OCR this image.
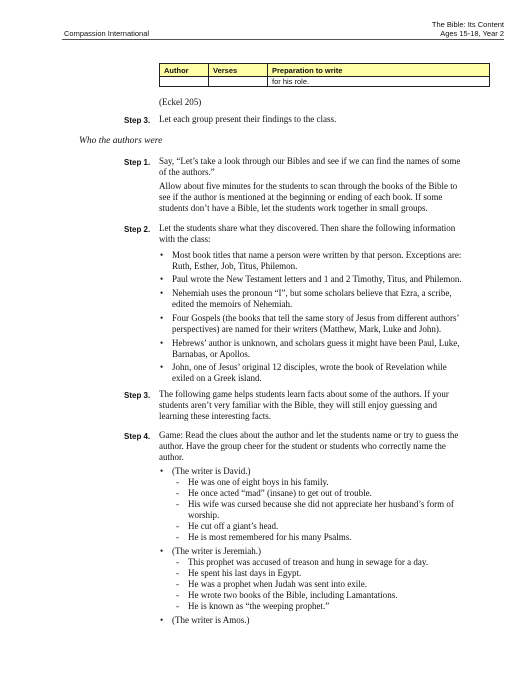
The Bible: Its Content
Ages 15-18, Year 2
Compassion International
Author	Verses	Preparation to write
		for his role.
(Eckel 205)
Step 3. Let each group present their findings to the class.
Who the authors were
Step 1. Say, “Let’s take a look through our Bibles and see if we can find the names of some
of the authors.”
Allow about five minutes for the students to scan through the books of the Bible to
see if the author is mentioned at the beginning or ending of each book. If some
students don’t have a Bible, let the students work together in small groups.
Step 2. Let the students share what they discovered. Then share the following information
with the class:
• Most book titles that name a person were written by that person. Exceptions are:
Ruth, Esther, Job, Titus, Philemon.
• Paul wrote the New Testament letters and 1 and 2 Timothy, Titus, and Philemon.
• Nehemiah uses the pronoun “I”, but some scholars believe that Ezra, a scribe,
edited the memoirs of Nehemiah.
• Four Gospels (the books that tell the same story of Jesus from different authors’
perspectives) are named for their writers (Matthew, Mark, Luke and John).
• Hebrews’ author is unknown, and scholars guess it might have been Paul, Luke,
Barnabas, or Apollos.
• John, one of Jesus’ original 12 disciples, wrote the book of Revelation while
exiled on a Greek island.
Step 3. The following game helps students learn facts about some of the authors. If your
students aren’t very familiar with the Bible, they will still enjoy guessing and
learning these interesting facts.
Step 4. Game: Read the clues about the author and let the students name or try to guess the
author. Have the group cheer for the student or students who correctly name the
author.
• (The writer is David.)
- He was one of eight boys in his family.
- He once acted “mad” (insane) to get out of trouble.
- His wife was cursed because she did not appreciate her husband’s form of
worship.
- He cut off a giant’s head.
- He is most remembered for his many Psalms.
• (The writer is Jeremiah.)
- This prophet was accused of treason and hung in sewage for a day.
- He spent his last days in Egypt.
- He was a prophet when Judah was sent into exile.
- He wrote two books of the Bible, including Lamantations.
- He is known as “the weeping prophet.”
• (The writer is Amos.)
